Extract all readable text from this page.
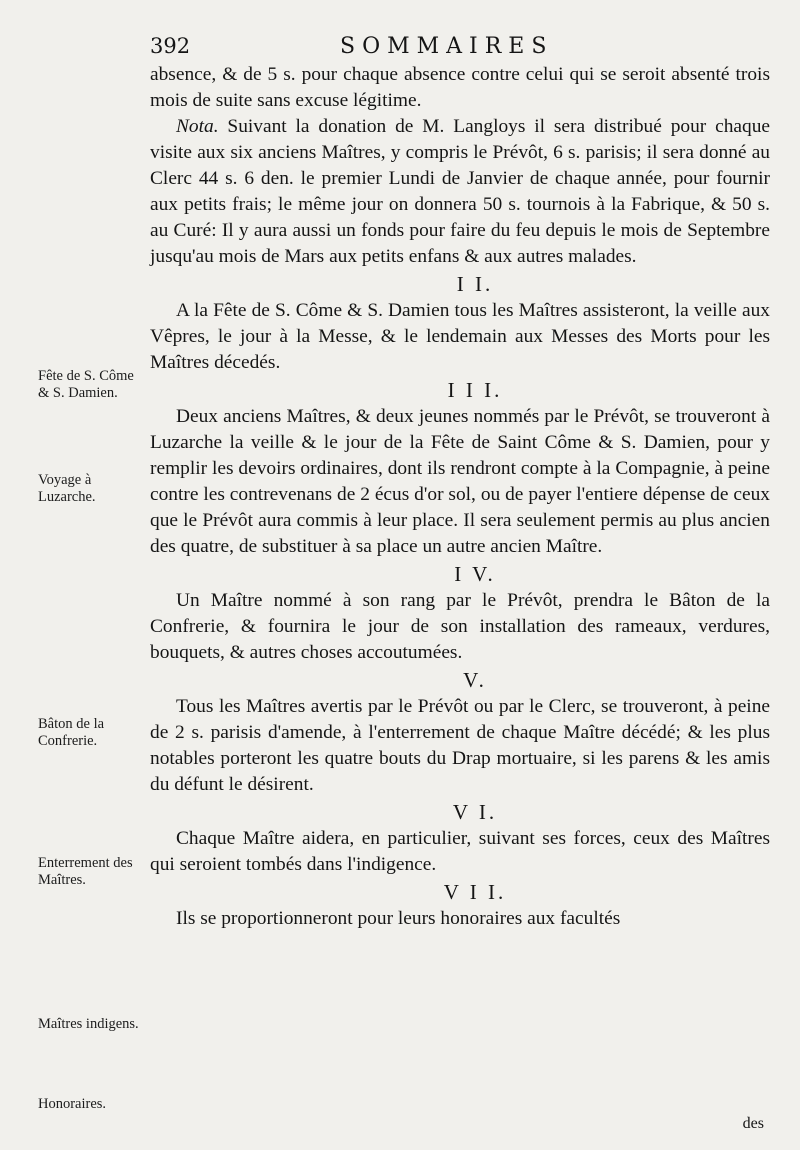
392	SOMMAIRES
Fête de S. Côme & S. Damien.
Voyage à Luzarche.
Bâton de la Confrerie.
Enterrement des Maîtres.
Maîtres indigens.
Honoraires.

absence, & de 5 s. pour chaque absence contre celui qui se seroit absenté trois mois de suite sans excuse légitime.

Nota. Suivant la donation de M. Langloys il sera distribué pour chaque visite aux six anciens Maîtres, y compris le Prévôt, 6 s. parisis; il sera donné au Clerc 44 s. 6 den. le premier Lundi de Janvier de chaque année, pour fournir aux petits frais; le même jour on donnera 50 s. tournois à la Fabrique, & 50 s. au Curé: Il y aura aussi un fonds pour faire du feu depuis le mois de Septembre jusqu'au mois de Mars aux petits enfans & aux autres malades.

I I.

A la Fête de S. Côme & S. Damien tous les Maîtres assisteront, la veille aux Vêpres, le jour à la Messe, & le lendemain aux Messes des Morts pour les Maîtres décedés.

I I I.

Deux anciens Maîtres, & deux jeunes nommés par le Prévôt, se trouveront à Luzarche la veille & le jour de la Fête de Saint Côme & S. Damien, pour y remplir les devoirs ordinaires, dont ils rendront compte à la Compagnie, à peine contre les contrevenans de 2 écus d'or sol, ou de payer l'entiere dépense de ceux que le Prévôt aura commis à leur place. Il sera seulement permis au plus ancien des quatre, de substituer à sa place un autre ancien Maître.

I V.

Un Maître nommé à son rang par le Prévôt, prendra le Bâton de la Confrerie, & fournira le jour de son installation des rameaux, verdures, bouquets, & autres choses accoutumées.

V.

Tous les Maîtres avertis par le Prévôt ou par le Clerc, se trouveront, à peine de 2 s. parisis d'amende, à l'enterrement de chaque Maître décédé; & les plus notables porteront les quatre bouts du Drap mortuaire, si les parens & les amis du défunt le désirent.

V I.

Chaque Maître aidera, en particulier, suivant ses forces, ceux des Maîtres qui seroient tombés dans l'indigence.

V I I.

Ils se proportionneront pour leurs honoraires aux facultés

des
